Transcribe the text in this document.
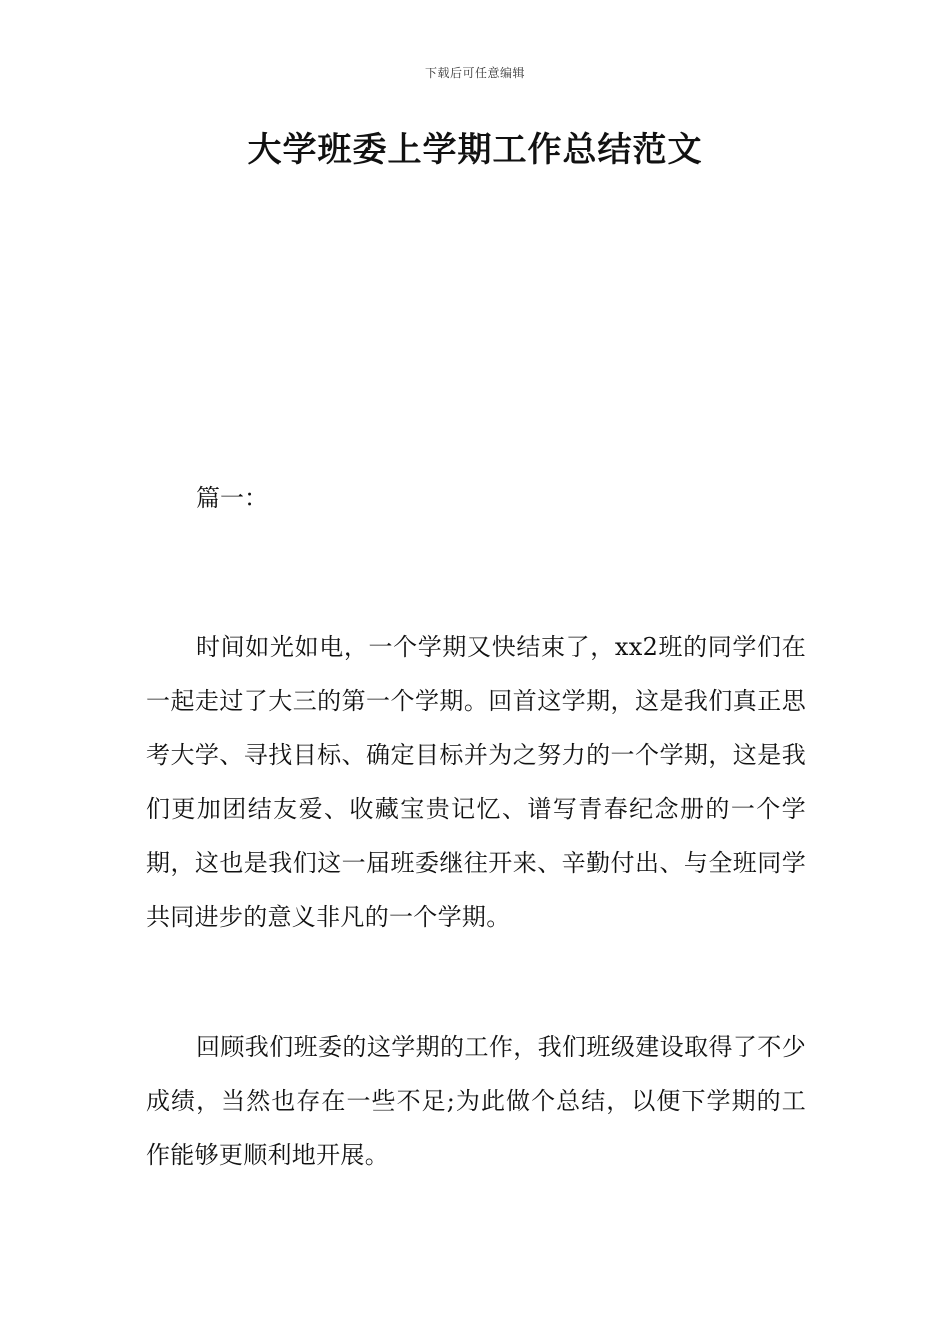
下载后可任意编辑
大学班委上学期工作总结范文

篇一：

时间如光如电，一个学期又快结束了，xx2班的同学们在一起走过了大三的第一个学期。回首这学期，这是我们真正思考大学、寻找目标、确定目标并为之努力的一个学期，这是我们更加团结友爱、收藏宝贵记忆、谱写青春纪念册的一个学期，这也是我们这一届班委继往开来、辛勤付出、与全班同学共同进步的意义非凡的一个学期。

回顾我们班委的这学期的工作，我们班级建设取得了不少成绩，当然也存在一些不足;为此做个总结，以便下学期的工作能够更顺利地开展。
